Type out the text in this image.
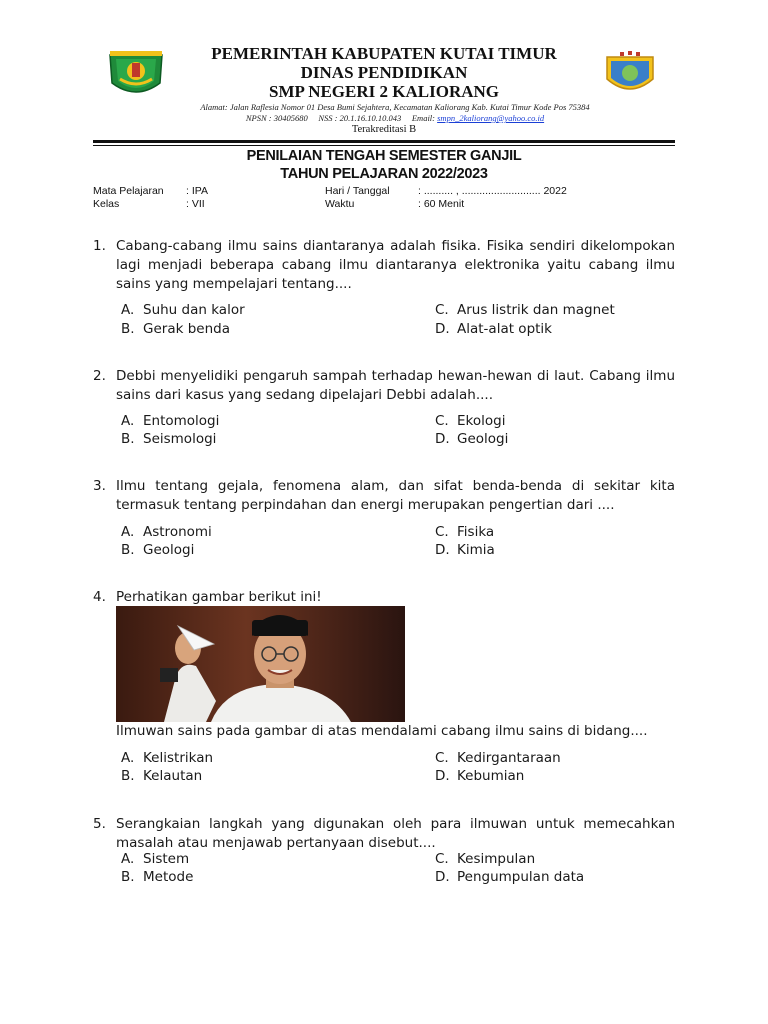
PEMERINTAH KABUPATEN KUTAI TIMUR
DINAS PENDIDIKAN
SMP NEGERI 2 KALIORANG
Alamat: Jalan Raflesia Nomor 01 Desa Bumi Sejahtera, Kecamatan Kaliorang Kab. Kutai Timur Kode Pos 75384
NPSN : 30405680     NSS : 20.1.16.10.10.043     Email: smpn_2kaliorang@yahoo.co.id
Terakreditasi B
PENILAIAN TENGAH SEMESTER GANJIL
TAHUN PELAJARAN 2022/2023
Mata Pelajaran : IPA	Hari / Tanggal	: .......... , ........................... 2022
Kelas	: VII	Waktu	: 60 Menit
1. Cabang-cabang ilmu sains diantaranya adalah fisika. Fisika sendiri dikelompokan lagi menjadi beberapa cabang ilmu diantaranya elektronika yaitu cabang ilmu sains yang mempelajari tentang....
A. Suhu dan kalor
B. Gerak benda
C. Arus listrik dan magnet
D. Alat-alat optik
2. Debbi menyelidiki pengaruh sampah terhadap hewan-hewan di laut. Cabang ilmu sains dari kasus yang sedang dipelajari Debbi adalah....
A. Entomologi
B. Seismologi
C. Ekologi
D. Geologi
3. Ilmu tentang gejala, fenomena alam, dan sifat benda-benda di sekitar kita termasuk tentang perpindahan dan energi merupakan pengertian dari ....
A. Astronomi
B. Geologi
C. Fisika
D. Kimia
4. Perhatikan gambar berikut ini!
Ilmuwan sains pada gambar di atas mendalami cabang ilmu sains di bidang....
A. Kelistrikan
B. Kelautan
C. Kedirgantaraan
D. Kebumian
5. Serangkaian langkah yang digunakan oleh para ilmuwan untuk memecahkan masalah atau menjawab pertanyaan disebut....
A. Sistem
B. Metode
C. Kesimpulan
D. Pengumpulan data
